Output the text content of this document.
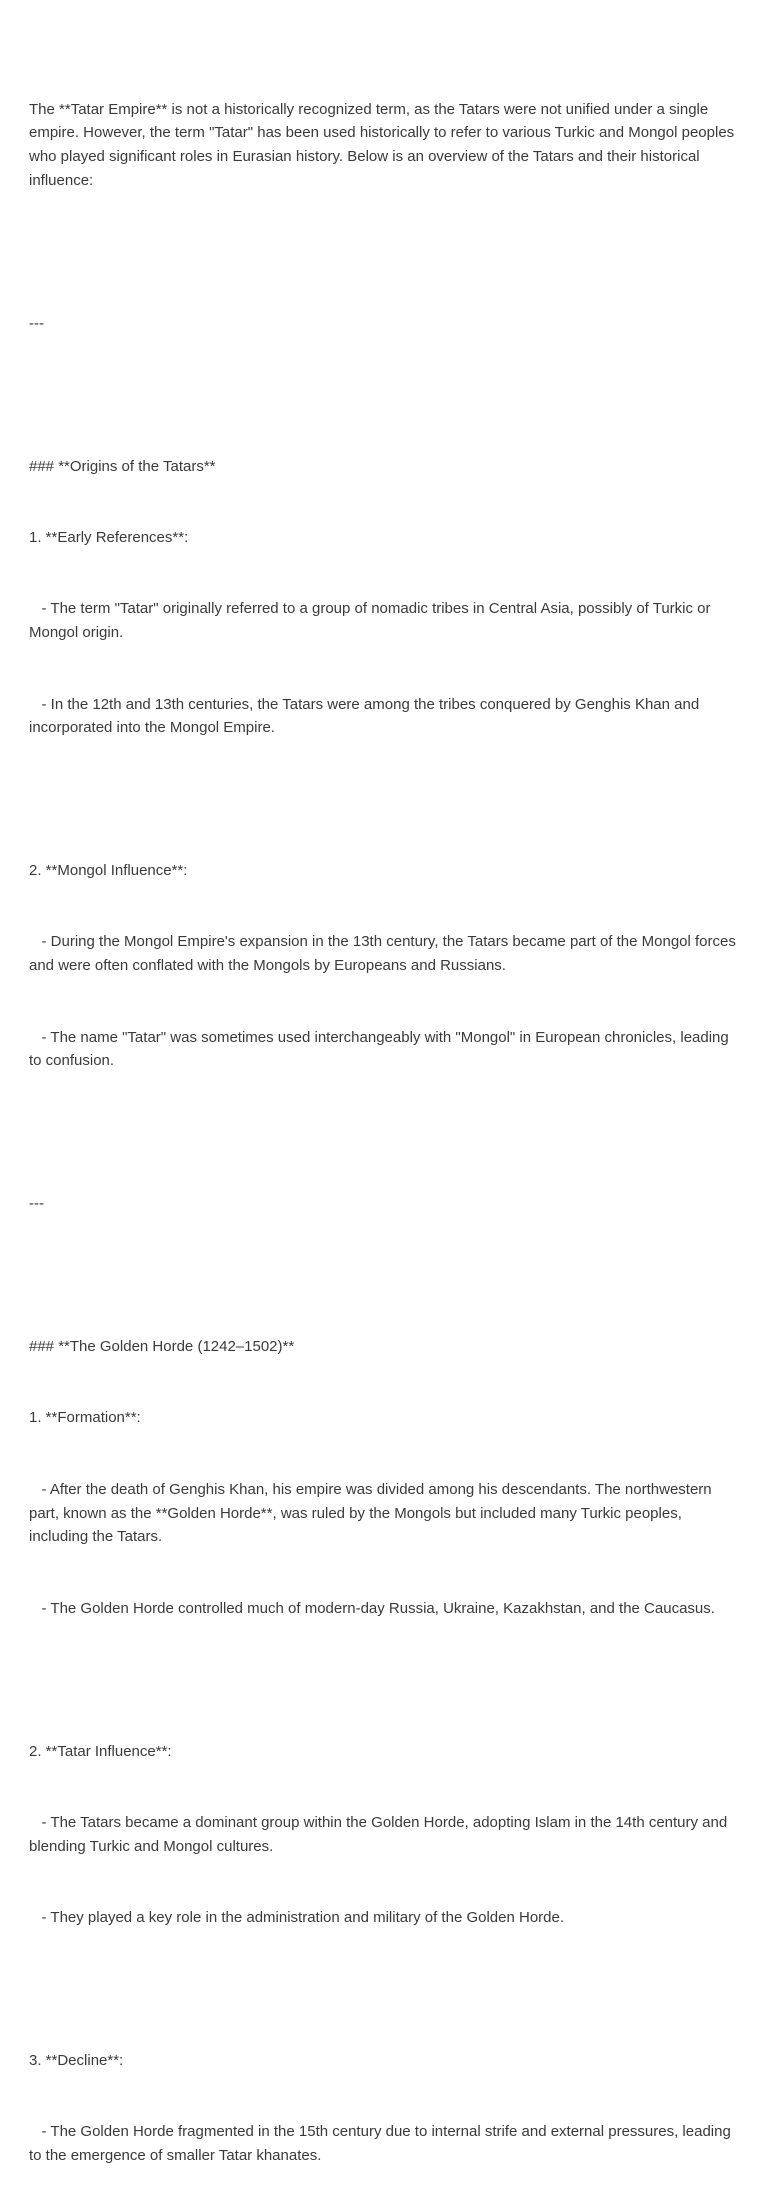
The **Tatar Empire** is not a historically recognized term, as the Tatars were not unified under a single empire. However, the term "Tatar" has been used historically to refer to various Turkic and Mongol peoples who played significant roles in Eurasian history. Below is an overview of the Tatars and their historical influence:

---

### **Origins of the Tatars**

1. **Early References**:

- The term "Tatar" originally referred to a group of nomadic tribes in Central Asia, possibly of Turkic or Mongol origin.

- In the 12th and 13th centuries, the Tatars were among the tribes conquered by Genghis Khan and incorporated into the Mongol Empire.

2. **Mongol Influence**:

- During the Mongol Empire's expansion in the 13th century, the Tatars became part of the Mongol forces and were often conflated with the Mongols by Europeans and Russians.

- The name "Tatar" was sometimes used interchangeably with "Mongol" in European chronicles, leading to confusion.

---

### **The Golden Horde (1242–1502)**

1. **Formation**:

- After the death of Genghis Khan, his empire was divided among his descendants. The northwestern part, known as the **Golden Horde**, was ruled by the Mongols but included many Turkic peoples, including the Tatars.

- The Golden Horde controlled much of modern-day Russia, Ukraine, Kazakhstan, and the Caucasus.

2. **Tatar Influence**:

- The Tatars became a dominant group within the Golden Horde, adopting Islam in the 14th century and blending Turkic and Mongol cultures.

- They played a key role in the administration and military of the Golden Horde.

3. **Decline**:

- The Golden Horde fragmented in the 15th century due to internal strife and external pressures, leading to the emergence of smaller Tatar khanates.
